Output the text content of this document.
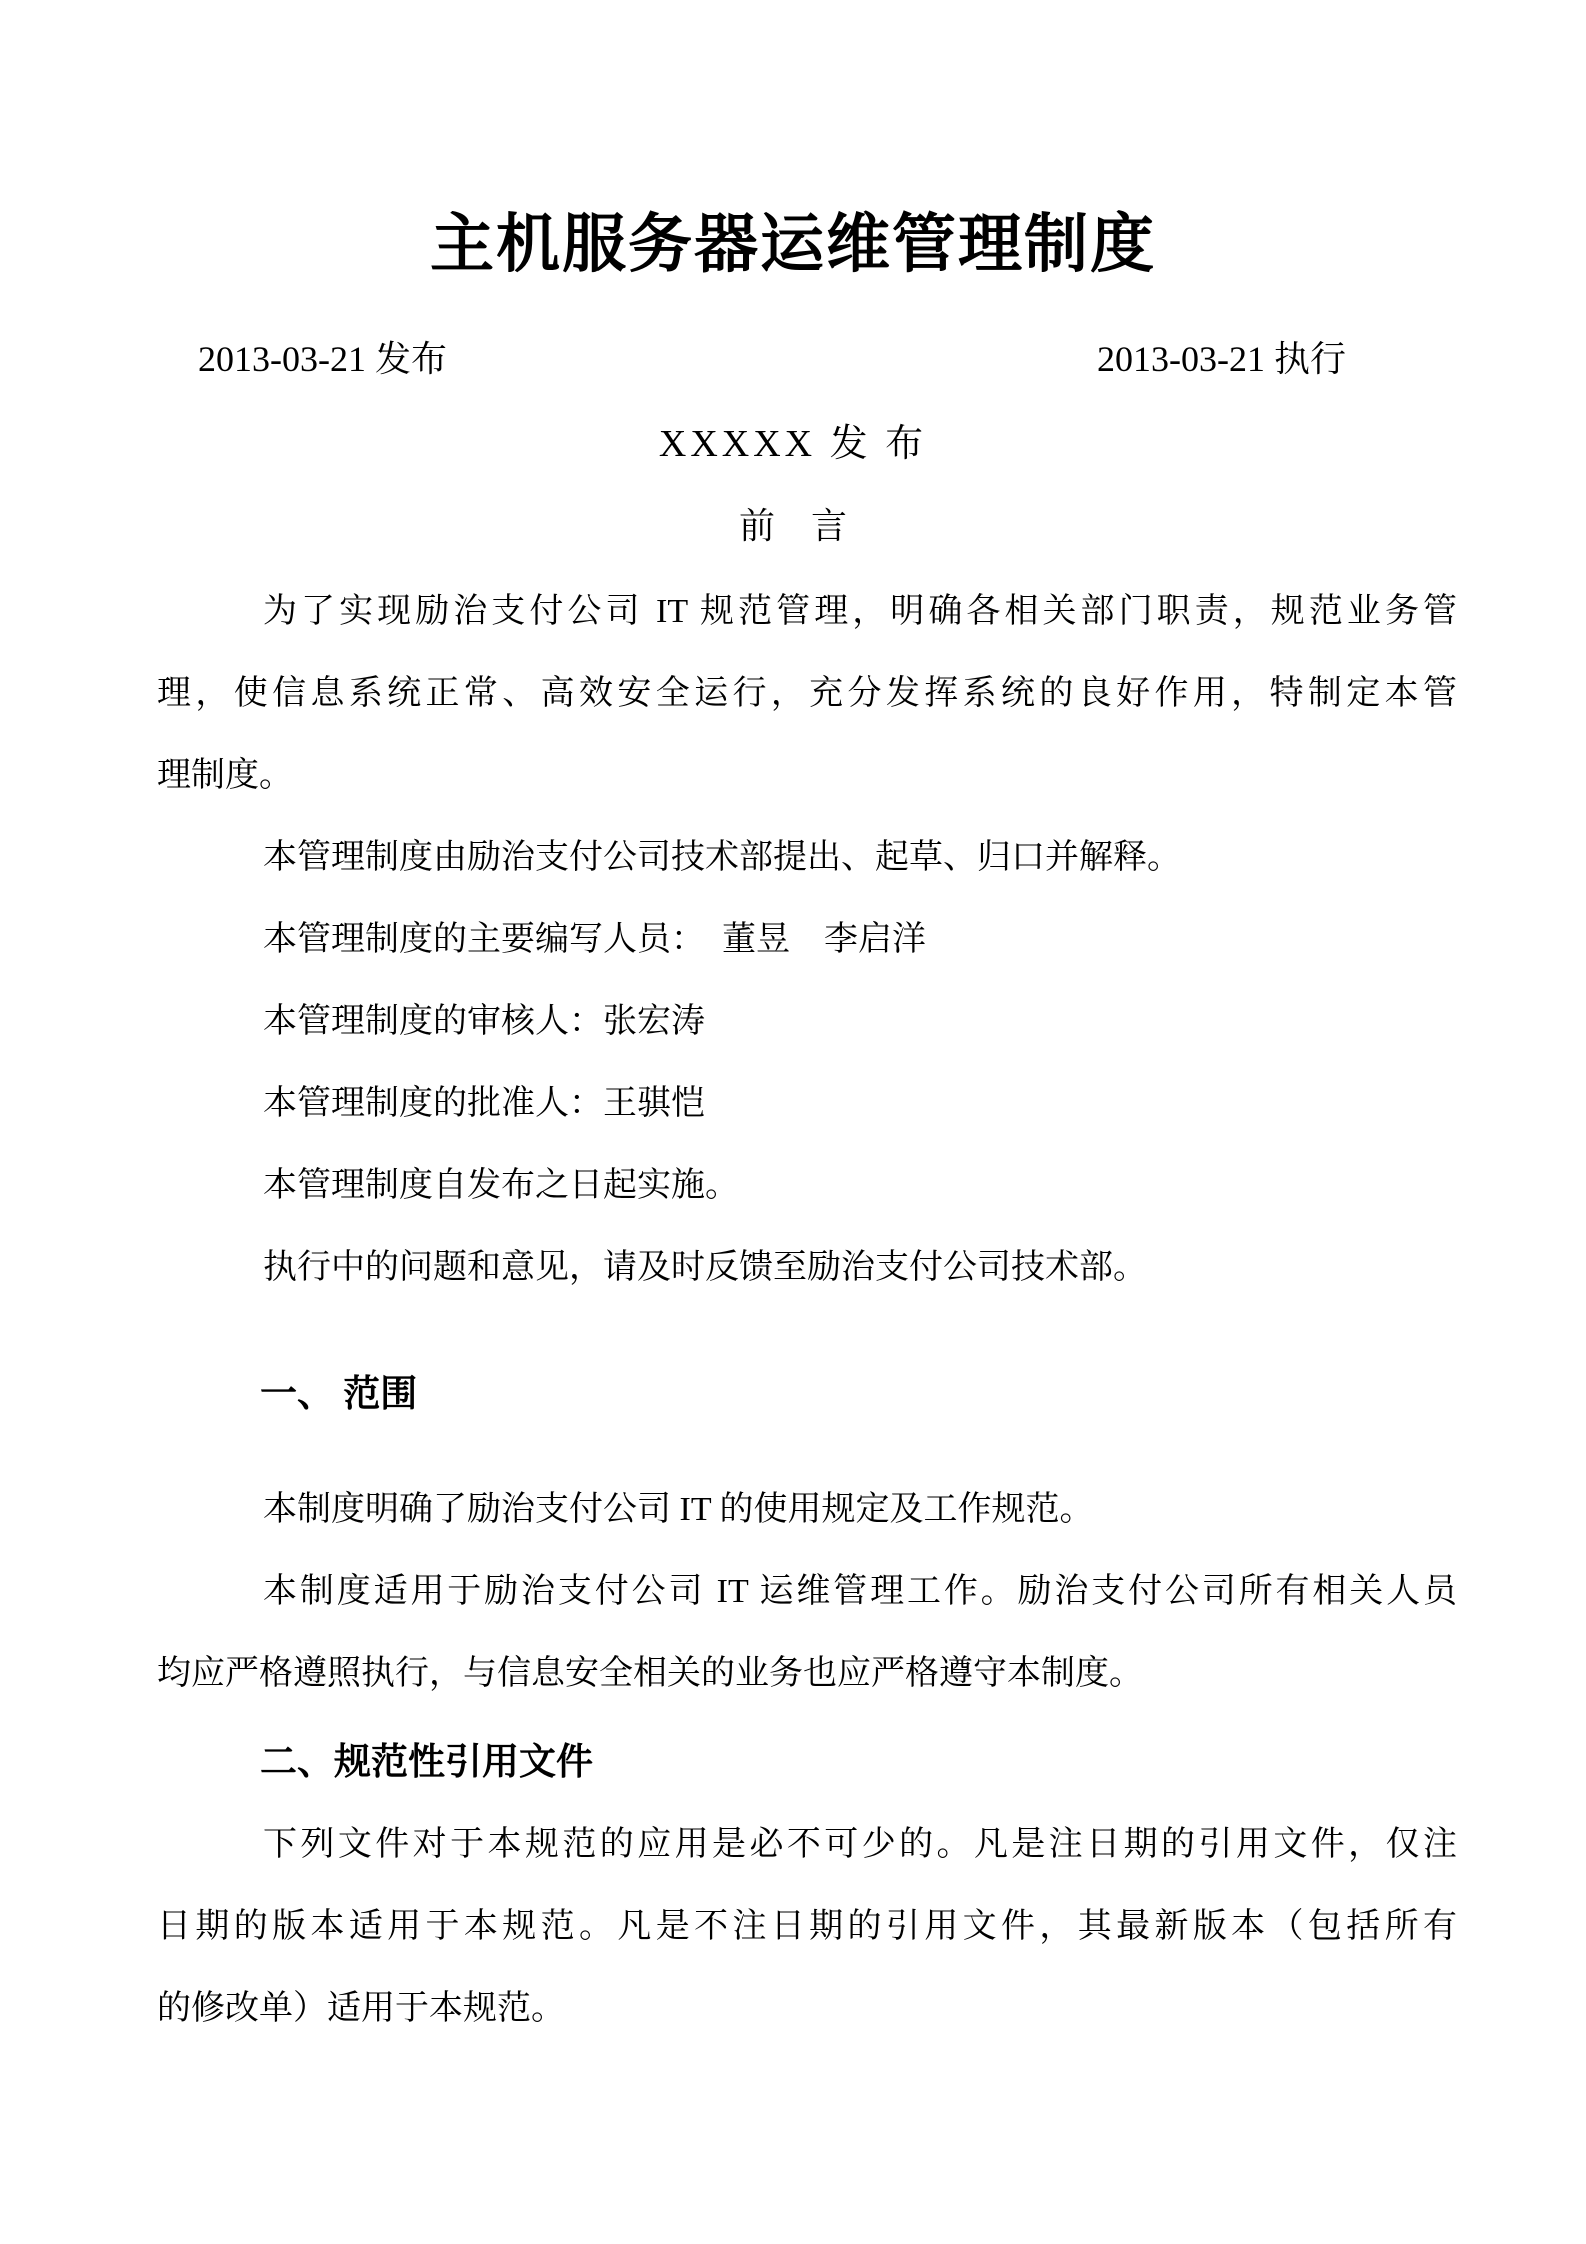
主机服务器运维管理制度
2013-03-21 发布	2013-03-21 执行
XXXXX 发 布
前　言
为了实现励治支付公司 IT 规范管理，明确各相关部门职责，规范业务管
理，使信息系统正常、高效安全运行，充分发挥系统的良好作用，特制定本管
理制度。
本管理制度由励治支付公司技术部提出、起草、归口并解释。
本管理制度的主要编写人员：　董昱　李启洋
本管理制度的审核人：张宏涛
本管理制度的批准人：王骐恺
本管理制度自发布之日起实施。
执行中的问题和意见，请及时反馈至励治支付公司技术部。
一、 范围
本制度明确了励治支付公司 IT 的使用规定及工作规范。
本制度适用于励治支付公司 IT 运维管理工作。励治支付公司所有相关人员
均应严格遵照执行，与信息安全相关的业务也应严格遵守本制度。
二、规范性引用文件
下列文件对于本规范的应用是必不可少的。凡是注日期的引用文件，仅注
日期的版本适用于本规范。凡是不注日期的引用文件，其最新版本（包括所有
的修改单）适用于本规范。
